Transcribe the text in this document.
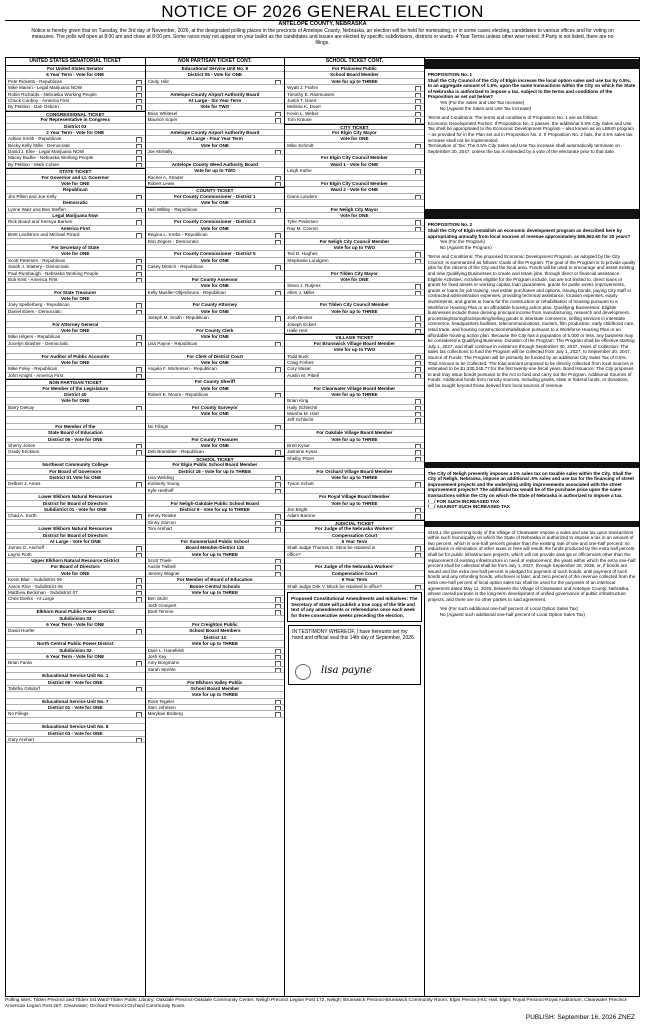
NOTICE OF 2026 GENERAL ELECTION
ANTELOPE COUNTY, NEBRASKA
Notice is hereby given that on Tuesday, the 3rd day of November, 2026, at the designated polling places in the precincts of Antelope County, Nebraska, an election will be held for nominating, or in some cases electing, candidates to various offices and for voting on measures. The polls will open at 8:00 am and close at 8:00 pm. Some races may not appear on your ballot as the candidates and issues are elected by specific subdivisions, districts or wards. 4 Year Terms unless other wise noted. If Party is not listed, there are no filings.
UNITED STATES SENATORIAL TICKET
For United States Senator
6 Year Term - Vote for ONE
Pete Ricketts - Republican
Mike Marvin - Legal Marijuana NOW
Robin Richards - Nebraska Working People
Chuck Conboy - America First
By Petition - Dan Osborn
CONGRESSIONAL TICKET
For Representative in Congress
District 03
2 Year Term - Vote for ONE
Adrian Smith - Republican
Becky Kelly Stille - Democratic
David J. Else - Legal Marijuana NOW
Macey Budke - Nebraska Working People
By Petition - Mark Cohen
STATE TICKET
For Governor and Lt. Governor
Vote for ONE
Republican
Jim Pillen and Joe Kelly
Democratic
Lynne Walz and Ben Steffen
Legal Marijuana Now
Rick Board and Keenya Barnes
America First
Brett Lindstrom and Michael Pizard
For Secretary of State
Vote for ONE
Scott Petersen - Republican
Sarah J. Slattery - Democratic
Paul Rumbaugh - Nebraska Working People
Bob Krist - America First
For State Treasurer
Vote for ONE
Joey Spellerberg - Republican
Daniel Ebers - Democratic
For Attorney General
Vote for ONE
Mike Hilgers - Republican
Jocelyn Brasher - Democratic
For Auditor of Public Accounts
Vote for ONE
Mike Foley - Republican
John Knight - America First
NON PARTISAN TICKET
For Member of the Legislature
District 40
Vote for ONE
Barry DeKay
For Member of the
State Board of Education
District 06 - Vote for ONE
Sherry Jones
Grady Erickson
Northeast Community College
For Board of Governors
District 01 Vote for ONE
Delbert J. Ames
Lower Elkhorn Natural Resources
District for Board of Directors
Subdistrict 01 - Vote for ONE
Chad A. Korth
Lower Elkhorn Natural Resources
District for Board of Directors
At Large - Vote for ONE
James G. Aschoff
Layne Roth
Upper Elkhorn Natural Resource District
For Board of Directors
Vote for ONE
Kevin Blair - Subdistrict 06
Aaron Rice - Subdistrict 06
Matthew Beckman - Subdistrict 07
Chris Dierks - At Large
Elkhorn Rural Public Power District
Subdivision 03
6 Year Term - Vote for ONE
David Hoefer
North Central Public Power District
Subdivision 02
6 Year Term - Vote for ONE
Brian Fanta
Educational Service Unit No. 1
District 09 - Vote for ONE
Tabitha Gilsdorf
Educational Service Unit No. 7
District 01 - Vote for ONE
No Filings
Educational Service Unit No. 8
District 03 - Vote for ONE
Gary Arehart
NON PARTISAN TICKET CONT.
Educational Service Unit No. 8
District 05 - Vote for ONE
Cindy Hild
Antelope County Airport Authority Board
At Large - Six Year Term
Vote for TWO
Brian Whitesel
Maurice Soper
Antelope County Airport Authority Board
At Large - Four Year Term
Vote for ONE
Joe McNally
Antelope County Weed Authority Board
Vote for up to TWO
Rachel A. Strader
Robert Lewis
COUNTY TICKET
For County Commissioner - District 1
Vote for ONE
Neil Wilkby - Republican
For County Commissioner - District 3
Vote for ONE
Regina L. Krebs - Republican
Don Zegers - Democratic
For County Commissioner - District 5
Vote for ONE
Casey Dittrich - Republican
For County Assessor
Vote for ONE
Kelly Mueller-Oltjenbruns - Republican
For County Attorney
Vote for ONE
Joseph M. Smith - Republican
For County Clerk
Vote for ONE
Lisa Payne - Republican
For Clerk of District Court
Vote for ONE
Angela F. Mortensen - Republican
For County Sheriff
Vote for ONE
Robert E. Moore - Republican
For County Surveyor
Vote for ONE
No Filings
For County Treasurer
Vote for ONE
Deb Branstiter - Republican
SCHOOL TICKET
For Elgin Public School Board Member
District 18 - Vote for up to THREE
Lisa Welding
Kimberly Young
Kyle Heithoff
For Neligh-Oakdale Public School Board
District 9 - Vote for up to THREE
Kenny Reinke
Ginny Garcon
Toni Arehart
For Summerland Public School
Board Member-District 115
Vote for up to THREE
Scott Thiele
Austin Twibell
Jeremy Wagner
For Member of Board of Education
Boone Central Schools
Vote for up to THREE
Ben Stuhr
Josh Gompert
Brett Temme
For Creighton Public
School Board Members
District 13
Vote for up to THREE
Dixie L. Hanefeldt
Josh Key
Amy Borgmann
Sarah Strehle
For Elkhorn Valley Public
School Board Member
Vote for up to THREE
Ross Tegeler
Sam Johnsen
Marykae Broberg
SCHOOL TICKET CONT.
For Plainview Public
School Board Member
Vote for up to THREE
Wyatt J. Frahm
Timothy E. Rasmussen
Justin T. Doerr
Melissa K. Doerr
Kevin L. Weber
Tom Krause
CITY TICKET
For Elgin City Mayor
Vote for ONE
Mike Schmitt
For Elgin City Council Member
Ward 1 - Vote for ONE
Leigh Kuthe
For Elgin City Council Member
Ward 2 - Vote for ONE
Diane Landers
For Neligh City Mayor
Vote for ONE
Tyler Pedersen
Ray M. Connot
For Neligh City Council Member
Vote for up to TWO
Ted D. Hughes
Stephanie Lundgren
For Tilden City Mayor
Vote for ONE
Steve J. Rutjens
Allen J. Miller
For Tilden City Council Member
Vote for up to THREE
Josh Becker
Joseph Eckert
Halle Hart
VILLAGE TICKET
For Brunswick Village Board Member
Vote for up to TWO
Todd Buck
Craig Forbes
Cory Masat
Austin M. Pittell
For Clearwater Village Board Member
Vote for up to THREE
Brian King
Haily Schlechti
Marsha M. Hart
Jeff Schlecht
For Oakdale Village Board Member
Vote for up to THREE
Brett Kysar
Jasmine Kysar
Shelby Pitzer
For Orchard Village Board Member
Vote for up to THREE
Tyson Schutt
For Royal Village Board Member
Vote for up to THREE
Jim Bright
Adam Barone
JUDICIAL TICKET
For Judge of the Nebraska Workers'
Compensation Court
6 Year Term
Shall Judge Thomas E. Stine be retained in
office?
For Judge of the Nebraska Workers'
Compensation Court
6 Year Term
Shall Judge Dirk V. Block be retained in office?
Proposed Constitutional Amendments and Initiatives: The Secretary of State will publish a true copy of the title and text of any amendments or referendums once each week for three consecutive weeks preceding the election.
IN TESTIMONY WHEREOF, I have hereunto set my hand and official seal this 14th day of September, 2026.
lisa payne
PROPOSITION No. 1
Shall the City Council of the City of Elgin increase the local option sales and use tax by 0.5%, to an aggregate amount of 1.5%, upon the same transactions within the City on which the State of Nebraska is authorized to impose a tax, subject to the terms and conditions of the Proposition as set out below?
Yes (For the Sales and Use Tax Increase)
No (Against the Sales and Use Tax Increase)
Terms and Conditions: The terms and conditions of Proposition No. 1 are as follows:
Economic Development Portion: If Proposition No. 2 passes, the additional 0.5% City Sales and Use Tax shall be appropriated to the Economic Development Program – also known as an LB840 program – as provided for in the Plan set out in Proposition No. 2. If Proposition No. 2 fails, the 0.5% sales tax increase shall not be implemented.
Termination of Tax: The 0.5% City Sales and Use Tax increase shall automatically terminate on September 30, 2047, unless the tax is extended by a vote of the electorate prior to that date.
PROPOSITION No. 2
Shall the City of Elgin establish an economic development program as described here by appropriating annually from local sources of revenue approximately $65,962.60 for 20 years?
Yes (For the Program)
No (Against the Program)
Terms and Conditions: The proposed Economic Development Program, as adopted by the City Council, is summarized as follows: Goals of the Program: The goal of the Program is to provide quality jobs for the citizens of the City and the local area. Funds will be used to encourage and assist existing and new Qualifying Businesses to create and retain jobs, through direct or financial assistance. Eligible Activities: Activities eligible for the Program include, but are not limited to, direct loans or grants for fixed assets or working capital, loan guarantees, grants for public works improvements, grants or loans for job training, real estate purchases and options, issuing bonds, paying City staff or contracted administration expenses, providing technical assistance, location expenses, equity investments, and grants or loans for the construction or rehabilitation of housing pursuant to a Workforce Housing Plan or an affordable housing action plan. Qualifying Businesses: Eligible businesses include those deriving principal income from manufacturing, research and development, processing/storing/transporting/selling goods in interstate commerce, selling services in interstate commerce, headquarters facilities, telecommunications, tourism, film production, early childhood care, retail trade, and housing construction/rehabilitation pursuant to a Workforce Housing Plan or an affordable housing action plan. Because the City has a population of 5,000 or less, any business may be considered a Qualifying Business. Duration of the Program: The Program shall be effective starting July 1, 2027, and shall continue in existence through September 30, 2047. Years of Collection: The sales tax collections to fund the Program will be collected from July 1, 2027, to September 30, 2047. Source of Funds: The Program will be primarily be funded by an additional City Sales Tax of 0.5%. Total Amount to be Collected: The total amount proposed to be directly collected from local sources is estimated to be $1,330,245.77 for the first twenty-one fiscal years. Bond Issuance: The City proposes to and may issue bonds pursuant to the Act to fund and carry out the Program. Additional Sources of Funds: Additional funds from noncity sources, including grants, state or federal funds, or donations, will be sought beyond those derived from local sources of revenue.
The City of Neligh presently imposes a 1% sales tax on taxable sales within the City. Shall the City of Neligh, Nebraska, impose an additional .5% sales and use tax for the financing of street improvement projects and the underlying utility improvements associated with the street improvement projects? The additional tax would be of the purchase price upon the same transactions within the City on which the State of Nebraska is authorized to impose a tax.
/__/ FOR SUCH INCREASED TAX
/__/ AGAINST SUCH INCREASED TAX
SHALL the governing body of the Village of Clearwater impose a sales and use tax upon transactions within such municipality on which the State of Nebraska is authorized to impose a tax in an amount of two percent, which is one-half percent greater than the existing rate of one and one-half percent; no reductions or elimination of other taxes or fees will result; the funds produced by the extra half percent shall be for public infrastructure projects, which will not provide savings or efficiencies other than the replacement of existing infrastructure in need of replacement; the years within which the extra one-half percent shall be collected shall be from July 1, 2027, through September 30, 2036, or, if bonds are issued and the extra one-half percent is pledged for payment of such bonds, until payment of such bonds and any refunding bonds, whichever is later; and zero percent of the revenue collected from the extra one-half percent of local option sales tax shall be used for the purposes of an interlocal agreement dated May 11, 2026, between the Village of Clearwater and Antelope County, Nebraska, whose overall purpose is the long-term development of unified governance of public infrastructure projects, and there are no other parties to said agreement.
Yes (For such additional one-half percent of Local Option Sales Tax)
No (Against such additional one-half percent of Local Option Sales Tax)
Polling sites: Tilden Precinct and Tilden 1st Ward-Tilden Public Library; Oakdale Precinct-Oakdale Community Center; Neligh Precinct Legion Post 172, Neligh; Brunswick Precinct-Brunswick Community Room; Elgin Precinct-KC Hall, Elgin; Royal Precinct-Royal Auditorium; Clearwater Precinct-American Legion Post 267, Clearwater; Orchard Precinct-Orchard Community Room.
PUBLISH: September 16, 2026 ZNEZ
